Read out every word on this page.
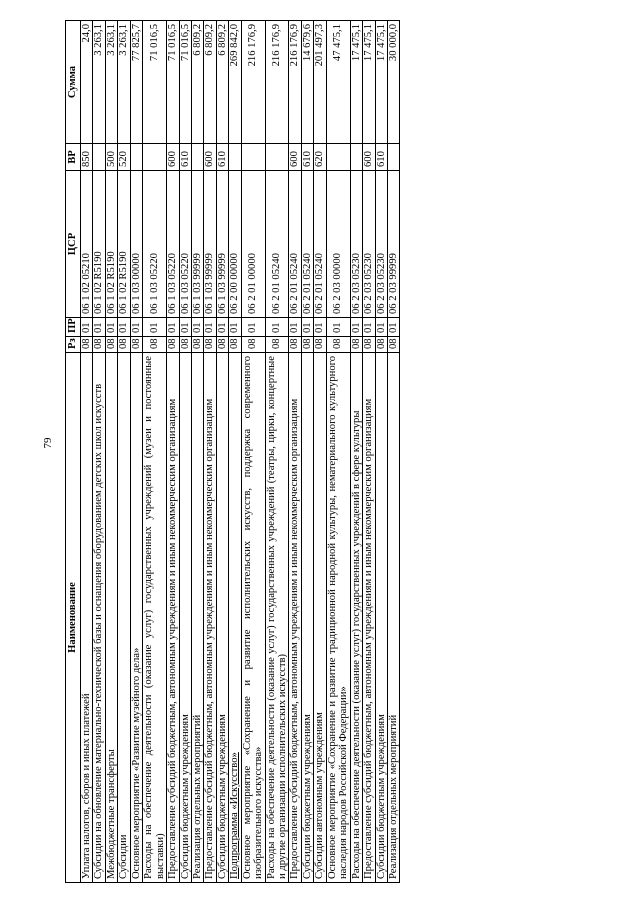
79
Наименование	Рз	ПР	ЦСР	ВР	Сумма
Уплата налогов, сборов и иных платежей	08	01	06 1 02 05210	850	24,0
Субсидии на обновление материально-технической базы и оснащения оборудованием детских школ искусств	08	01	06 1 02 R5190		3 263,1
Межбюджетные трансферты	08	01	06 1 02 R5190	500	3 263,1
Субсидии	08	01	06 1 02 R5190	520	3 263,1
Основное мероприятие «Развитие музейного дела»	08	01	06 1 03 00000		77 825,7
Расходы на обеспечение деятельности (оказание услуг) государственных учреждений (музеи и постоянные выставки)	08	01	06 1 03 05220		71 016,5
Предоставление субсидий бюджетным, автономным учреждениям и иным некоммерческим организациям	08	01	06 1 03 05220	600	71 016,5
Субсидии бюджетным учреждениям	08	01	06 1 03 05220	610	71 016,5
Реализация отдельных мероприятий	08	01	06 1 03 99999		6 809,2
Предоставление субсидий бюджетным, автономным учреждениям и иным некоммерческим организациям	08	01	06 1 03 99999	600	6 809,2
Субсидии бюджетным учреждениям	08	01	06 1 03 99999	610	6 809,2
Подпрограмма «Искусство»	08	01	06 2 00 00000		269 842,0
Основное мероприятие «Сохранение и развитие исполнительских искусств, поддержка современного изобразительного искусства»	08	01	06 2 01 00000		216 176,9
Расходы на обеспечение деятельности (оказание услуг) государственных учреждений (театры, цирки, концертные и другие организации исполнительских искусств)	08	01	06 2 01 05240		216 176,9
Предоставление субсидий бюджетным, автономным учреждениям и иным некоммерческим организациям	08	01	06 2 01 05240	600	216 176,9
Субсидии бюджетным учреждениям	08	01	06 2 01 05240	610	14 679,6
Субсидии автономным учреждениям	08	01	06 2 01 05240	620	201 497,3
Основное мероприятие «Сохранение и развитие традиционной народной культуры, нематериального культурного наследия народов Российской Федерации»	08	01	06 2 03 00000		47 475,1
Расходы на обеспечение деятельности (оказание услуг) государственных учреждений в сфере культуры	08	01	06 2 03 05230		17 475,1
Предоставление субсидий бюджетным, автономным учреждениям и иным некоммерческим организациям	08	01	06 2 03 05230	600	17 475,1
Субсидии бюджетным учреждениям	08	01	06 2 03 05230	610	17 475,1
Реализация отдельных мероприятий	08	01	06 2 03 99999		30 000,0
